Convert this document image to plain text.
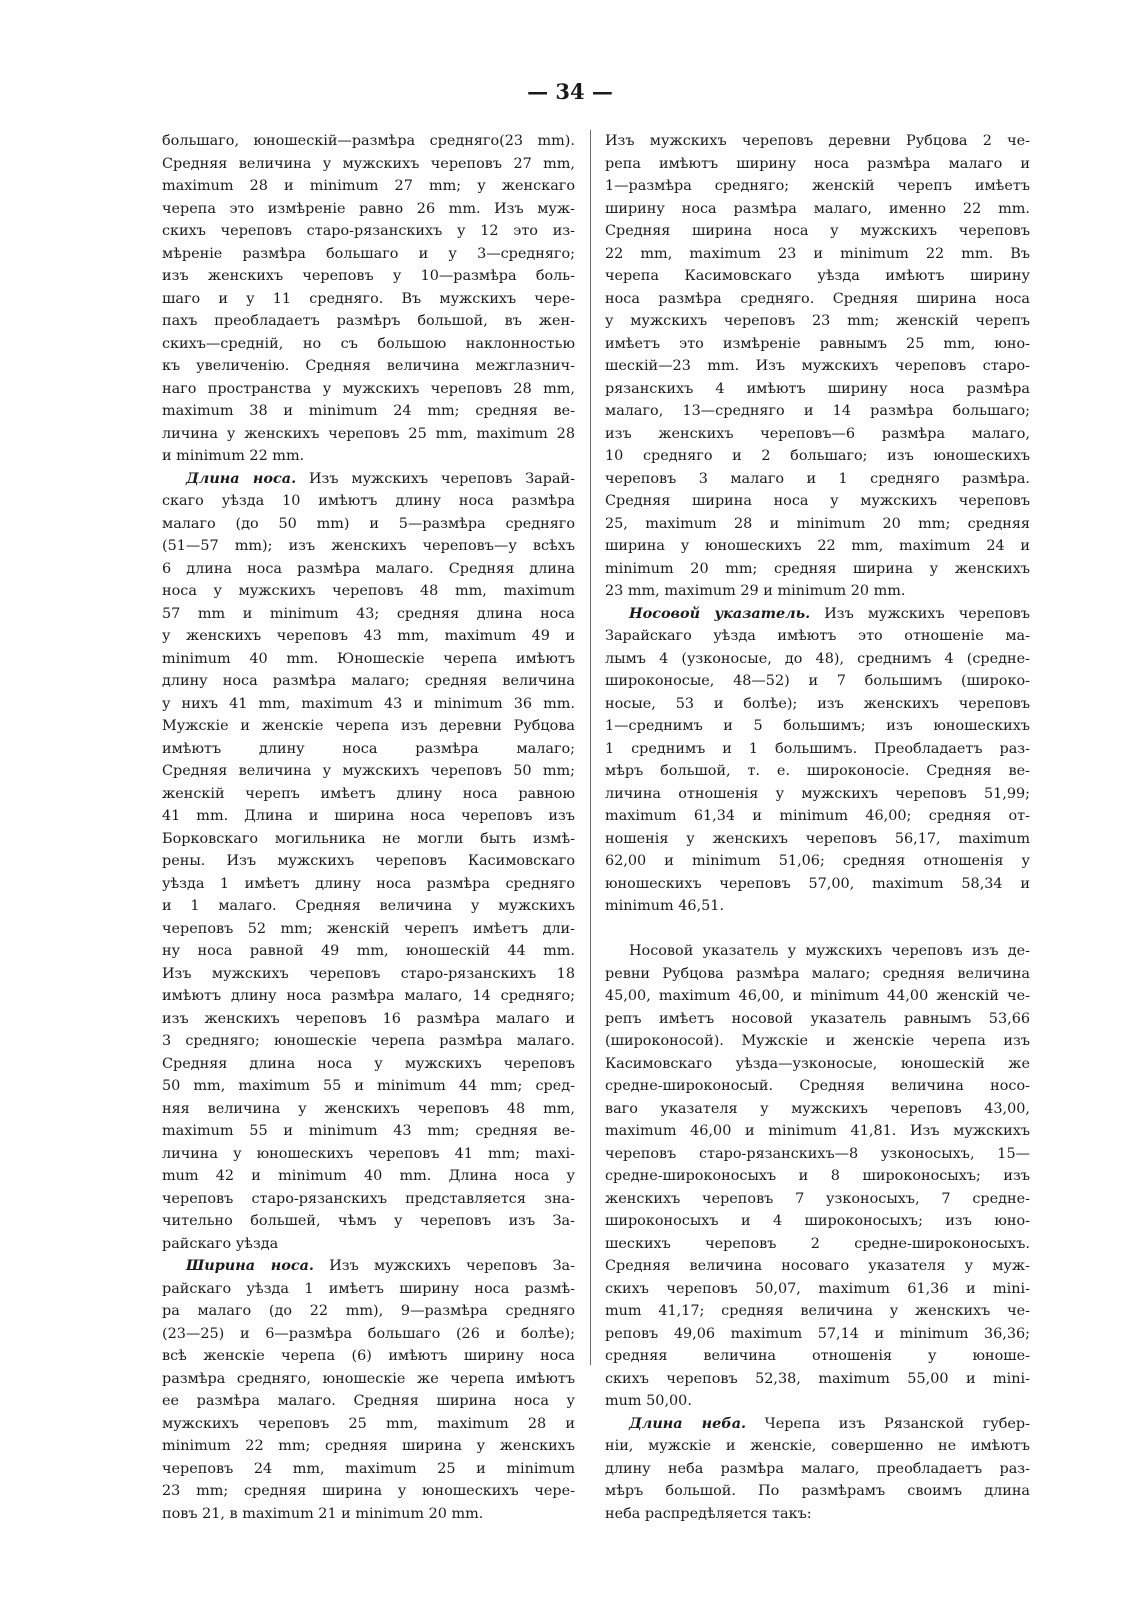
— 34 —
большаго, юношескій—размѣра средняго(23 mm).
Средняя величина у мужскихъ череповъ 27 mm,
maximum 28 и minimum 27 mm; у женскаго
черепа это измѣреніе равно 26 mm. Изъ муж-
скихъ череповъ старо-рязанскихъ у 12 это из-
мѣреніе размѣра большаго и у 3—средняго;
изъ женскихъ череповъ у 10—размѣра боль-
шаго и у 11 средняго. Въ мужскихъ чере-
пахъ преобладаетъ размѣръ большой, въ жен-
скихъ—средній, но съ большою наклонностью
къ увеличенію. Средняя величина межглазнич-
наго пространства у мужскихъ череповъ 28 mm,
maximum 38 и minimum 24 mm; средняя ве-
личина у женскихъ череповъ 25 mm, maximum 28
и minimum 22 mm.
Длина носа. Изъ мужскихъ череповъ Зарай-
скаго уѣзда 10 имѣютъ длину носа размѣра
малаго (до 50 mm) и 5—размѣра средняго
(51—57 mm); изъ женскихъ череповъ—у всѣхъ
6 длина носа размѣра малаго. Средняя длина
носа у мужскихъ череповъ 48 mm, maximum
57 mm и minimum 43; средняя длина носа
у женскихъ череповъ 43 mm, maximum 49 и
minimum 40 mm. Юношескіе черепа имѣютъ
длину носа размѣра малаго; средняя величина
у нихъ 41 mm, maximum 43 и minimum 36 mm.
Мужскіе и женскіе черепа изъ деревни Рубцова
имѣютъ длину носа размѣра малаго;
Средняя величина у мужскихъ череповъ 50 mm;
женскій черепъ имѣетъ длину носа равною
41 mm. Длина и ширина носа череповъ изъ
Борковскаго могильника не могли быть измѣ-
рены. Изъ мужскихъ череповъ Касимовскаго
уѣзда 1 имѣетъ длину носа размѣра средняго
и 1 малаго. Средняя величина у мужскихъ
череповъ 52 mm; женскій черепъ имѣетъ дли-
ну носа равной 49 mm, юношескій 44 mm.
Изъ мужскихъ череповъ старо-рязанскихъ 18
имѣютъ длину носа размѣра малаго, 14 средняго;
изъ женскихъ череповъ 16 размѣра малаго и
3 средняго; юношескіе черепа размѣра малаго.
Средняя длина носа у мужскихъ череповъ
50 mm, maximum 55 и minimum 44 mm; сред-
няя величина у женскихъ череповъ 48 mm,
maximum 55 и minimum 43 mm; средняя ве-
личина у юношескихъ череповъ 41 mm; maxi-
mum 42 и minimum 40 mm. Длина носа у
череповъ старо-рязанскихъ представляется зна-
чительно большей, чѣмъ у череповъ изъ За-
райскаго уѣзда
Ширина носа. Изъ мужскихъ череповъ За-
райскаго уѣзда 1 имѣетъ ширину носа размѣ-
ра малаго (до 22 mm), 9—размѣра средняго
(23—25) и 6—размѣра большаго (26 и болѣе);
всѣ женскіе черепа (6) имѣютъ ширину носа
размѣра средняго, юношескіе же черепа имѣютъ
ее размѣра малаго. Средняя ширина носа у
мужскихъ череповъ 25 mm, maximum 28 и
minimum 22 mm; средняя ширина у женскихъ
череповъ 24 mm, maximum 25 и minimum
23 mm; средняя ширина у юношескихъ чере-
повъ 21, в maximum 21 и minimum 20 mm.
Изъ мужскихъ череповъ деревни Рубцова 2 че-
репа имѣютъ ширину носа размѣра малаго и
1—размѣра средняго; женскій черепъ имѣетъ
ширину носа размѣра малаго, именно 22 mm.
Средняя ширина носа у мужскихъ череповъ
22 mm, maximum 23 и minimum 22 mm. Въ
черепа Касимовскаго уѣзда имѣютъ ширину
носа размѣра средняго. Средняя ширина носа
у мужскихъ череповъ 23 mm; женскій черепъ
имѣетъ это измѣреніе равнымъ 25 mm, юно-
шескій—23 mm. Изъ мужскихъ череповъ старо-
рязанскихъ 4 имѣютъ ширину носа размѣра
малаго, 13—средняго и 14 размѣра большаго;
изъ женскихъ череповъ—6 размѣра малаго,
10 средняго и 2 большаго; изъ юношескихъ
череповъ 3 малаго и 1 средняго размѣра.
Средняя ширина носа у мужскихъ череповъ
25, maximum 28 и minimum 20 mm; средняя
ширина у юношескихъ 22 mm, maximum 24 и
minimum 20 mm; средняя ширина у женскихъ
23 mm, maximum 29 и minimum 20 mm.
Носовой указатель. Изъ мужскихъ череповъ
Зарайскаго уѣзда имѣютъ это отношеніе ма-
лымъ 4 (узконосые, до 48), среднимъ 4 (средне-
широконосые, 48—52) и 7 большимъ (широко-
носые, 53 и болѣе); изъ женскихъ череповъ
1—среднимъ и 5 большимъ; изъ юношескихъ
1 среднимъ и 1 большимъ. Преобладаетъ раз-
мѣръ большой, т. е. широконосіе. Средняя ве-
личина отношенія у мужскихъ череповъ 51,99;
maximum 61,34 и minimum 46,00; средняя от-
ношенія у женскихъ череповъ 56,17, maximum
62,00 и minimum 51,06; средняя отношенія у
юношескихъ череповъ 57,00, maximum 58,34 и
minimum 46,51.
Носовой указатель у мужскихъ череповъ изъ де-
ревни Рубцова размѣра малаго; средняя величина
45,00, maximum 46,00, и minimum 44,00 женскій че-
репъ имѣетъ носовой указатель равнымъ 53,66
(широконосой). Мужскіе и женскіе черепа изъ
Касимовскаго уѣзда—узконосые, юношескій же
средне-широконосый. Средняя величина носо-
ваго указателя у мужскихъ череповъ 43,00,
maximum 46,00 и minimum 41,81. Изъ мужскихъ
череповъ старо-рязанскихъ—8 узконосыхъ, 15—
средне-широконосыхъ и 8 широконосыхъ; изъ
женскихъ череповъ 7 узконосыхъ, 7 средне-
широконосыхъ и 4 широконосыхъ; изъ юно-
шескихъ череповъ 2 средне-широконосыхъ.
Средняя величина носоваго указателя у муж-
скихъ череповъ 50,07, maximum 61,36 и mini-
mum 41,17; средняя величина у женскихъ че-
реповъ 49,06 maximum 57,14 и minimum 36,36;
средняя величина отношенія у юноше-
скихъ череповъ 52,38, maximum 55,00 и mini-
mum 50,00.
Длина неба. Черепа изъ Рязанской губер-
ніи, мужскіе и женскіе, совершенно не имѣютъ
длину неба размѣра малаго, преобладаетъ раз-
мѣръ большой. По размѣрамъ своимъ длина
неба распредѣляется такъ:
